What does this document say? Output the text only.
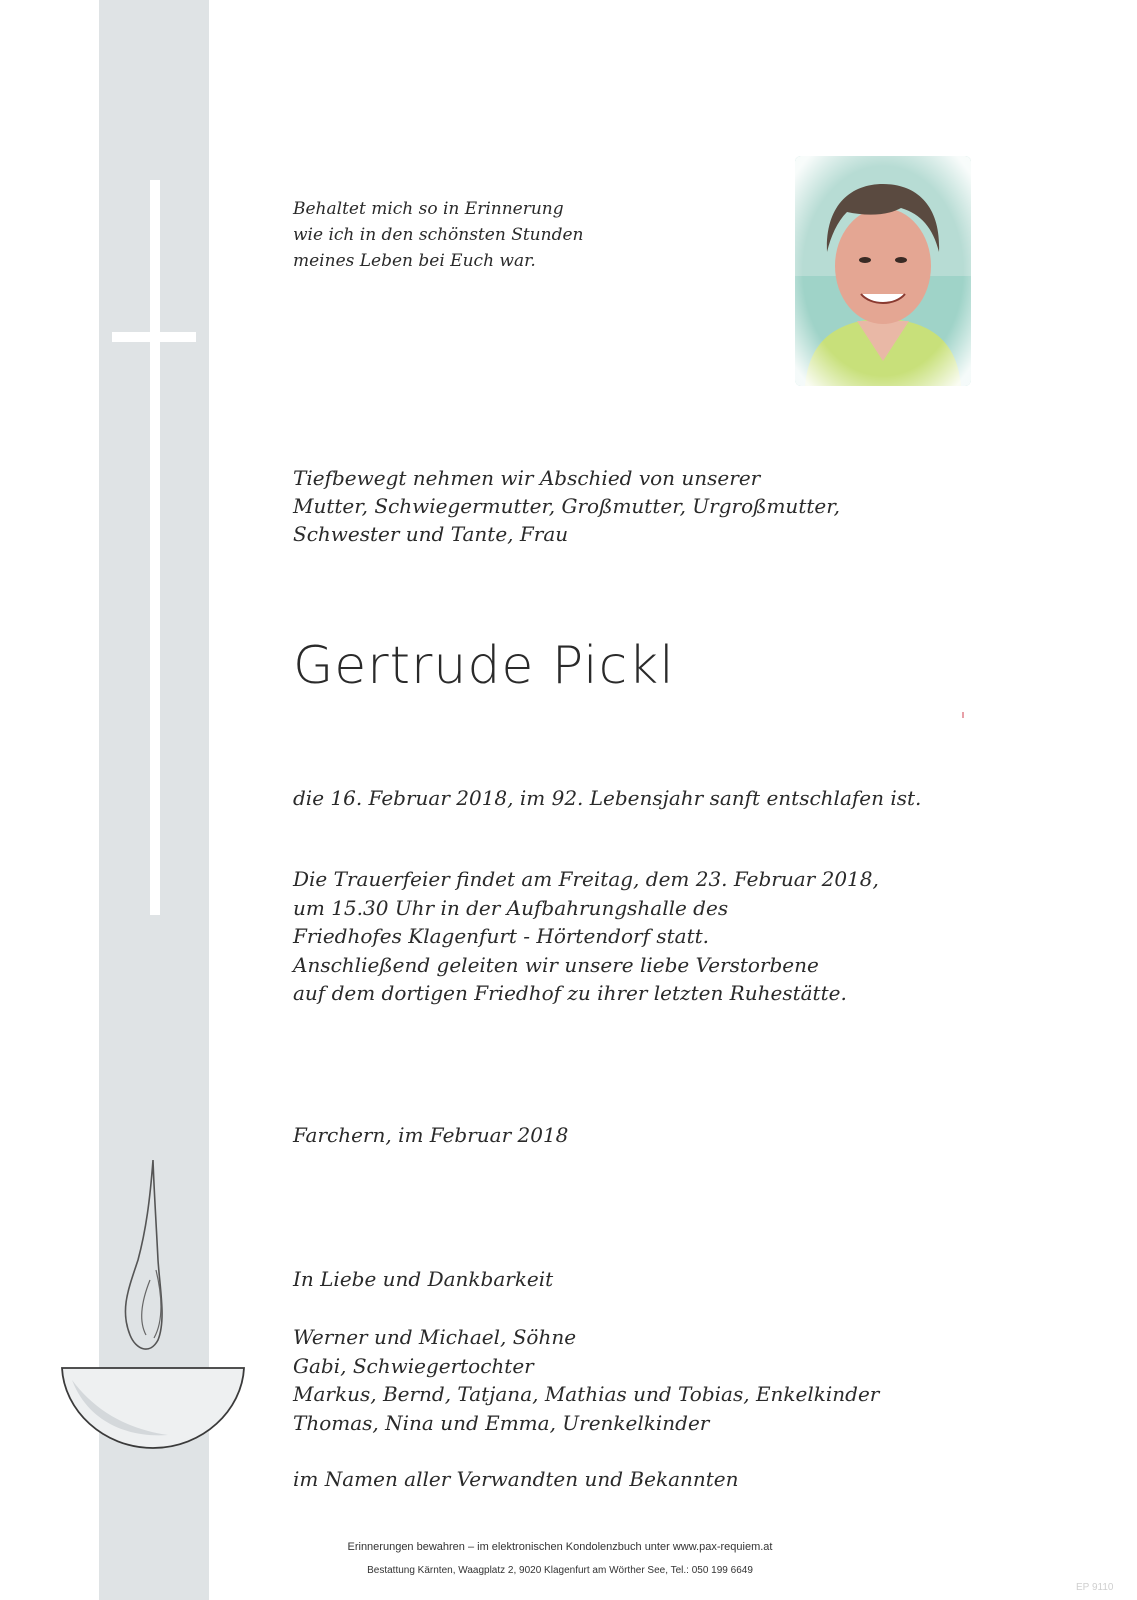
Behaltet mich so in Erinnerung
wie ich in den schönsten Stunden
meines Leben bei Euch war.
Tiefbewegt nehmen wir Abschied von unserer
Mutter, Schwiegermutter, Großmutter, Urgroßmutter,
Schwester und Tante, Frau
Gertrude Pickl
die 16. Februar 2018, im 92. Lebensjahr sanft entschlafen ist.
Die Trauerfeier findet am Freitag, dem 23. Februar 2018,
um 15.30 Uhr in der Aufbahrungshalle des
Friedhofes Klagenfurt - Hörtendorf statt.
Anschließend geleiten wir unsere liebe Verstorbene
auf dem dortigen Friedhof zu ihrer letzten Ruhestätte.
Farchern, im Februar 2018
In Liebe und Dankbarkeit
Werner und Michael, Söhne
Gabi, Schwiegertochter
Markus, Bernd, Tatjana, Mathias und Tobias, Enkelkinder
Thomas, Nina und Emma, Urenkelkinder
im Namen aller Verwandten und Bekannten
Erinnerungen bewahren – im elektronischen Kondolenzbuch unter www.pax-requiem.at
Bestattung Kärnten, Waagplatz 2, 9020 Klagenfurt am Wörther See, Tel.: 050 199 6649
EP 9110
